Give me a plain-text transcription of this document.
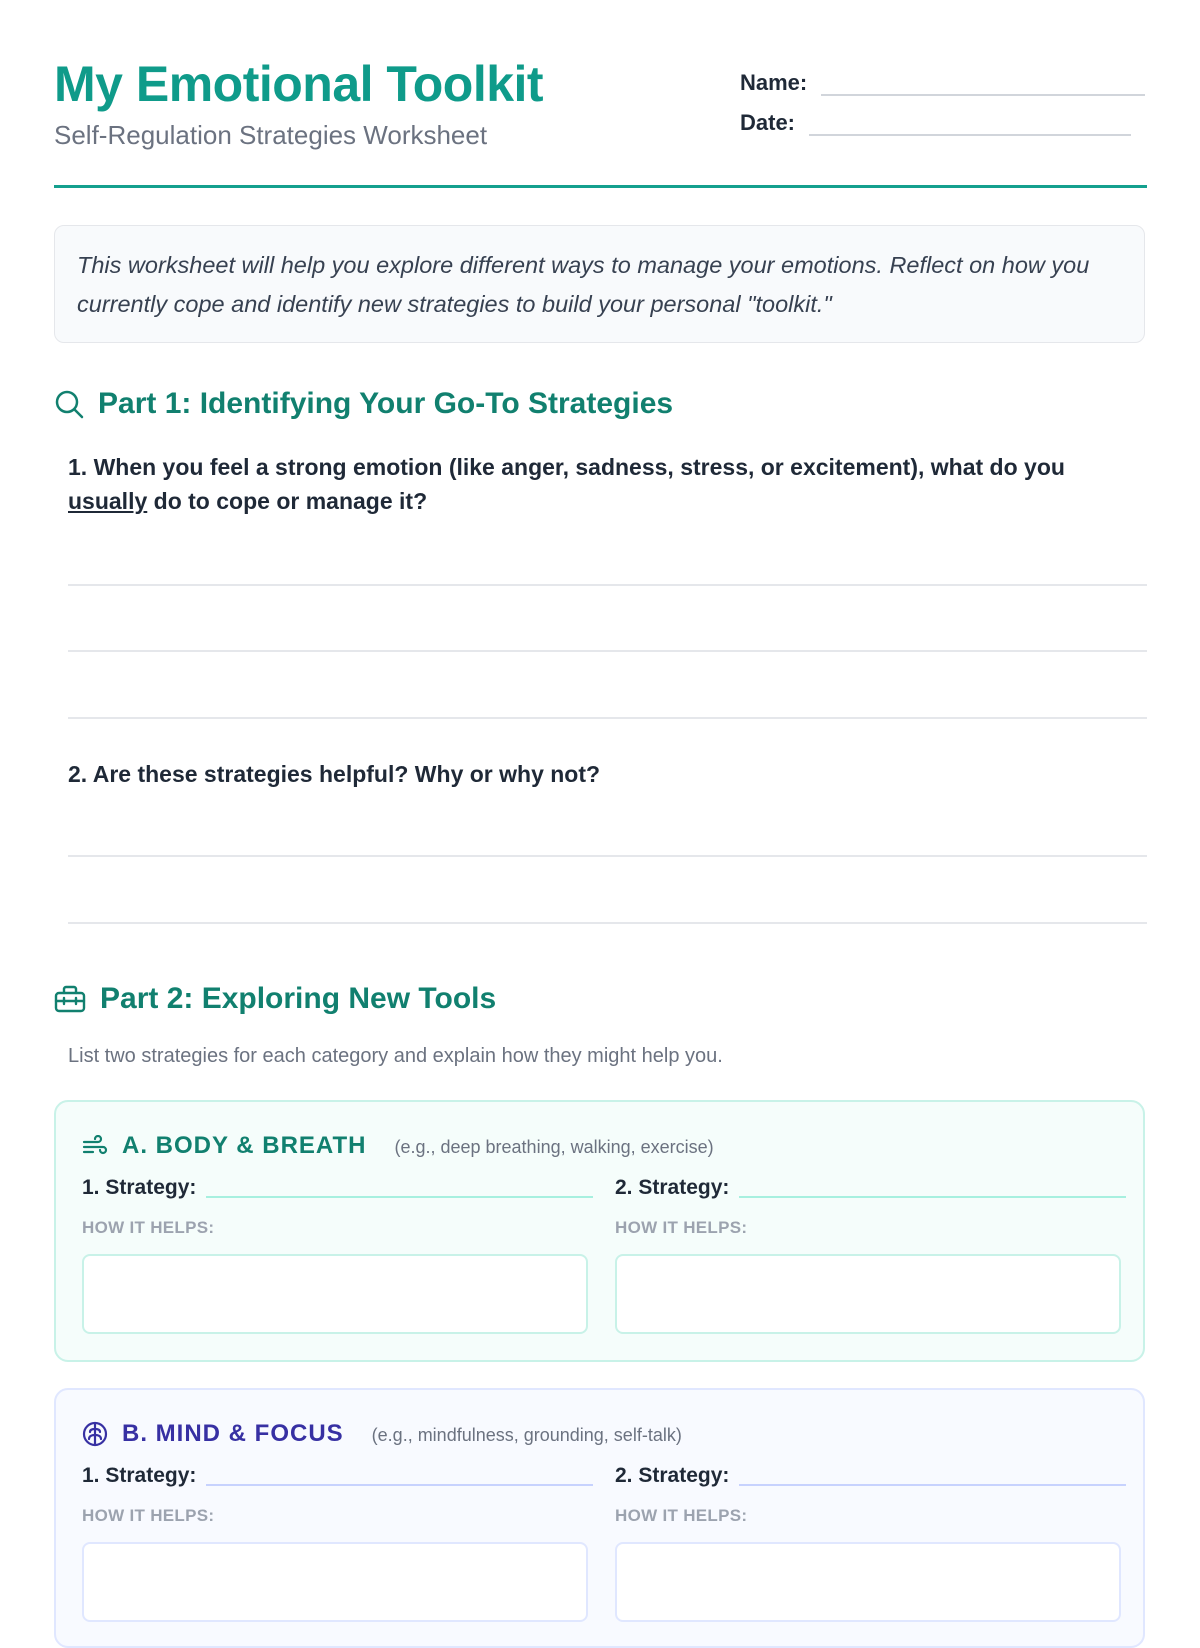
My Emotional Toolkit
Self-Regulation Strategies Worksheet
Name:
Date:
This worksheet will help you explore different ways to manage your emotions. Reflect on how you currently cope and identify new strategies to build your personal "toolkit."
Part 1: Identifying Your Go-To Strategies
1. When you feel a strong emotion (like anger, sadness, stress, or excitement), what do you usually do to cope or manage it?
2. Are these strategies helpful? Why or why not?
Part 2: Exploring New Tools
List two strategies for each category and explain how they might help you.
A. BODY & BREATH (e.g., deep breathing, walking, exercise)
1. Strategy:	2. Strategy:
HOW IT HELPS:	HOW IT HELPS:
B. MIND & FOCUS (e.g., mindfulness, grounding, self-talk)
1. Strategy:	2. Strategy:
HOW IT HELPS:	HOW IT HELPS:
